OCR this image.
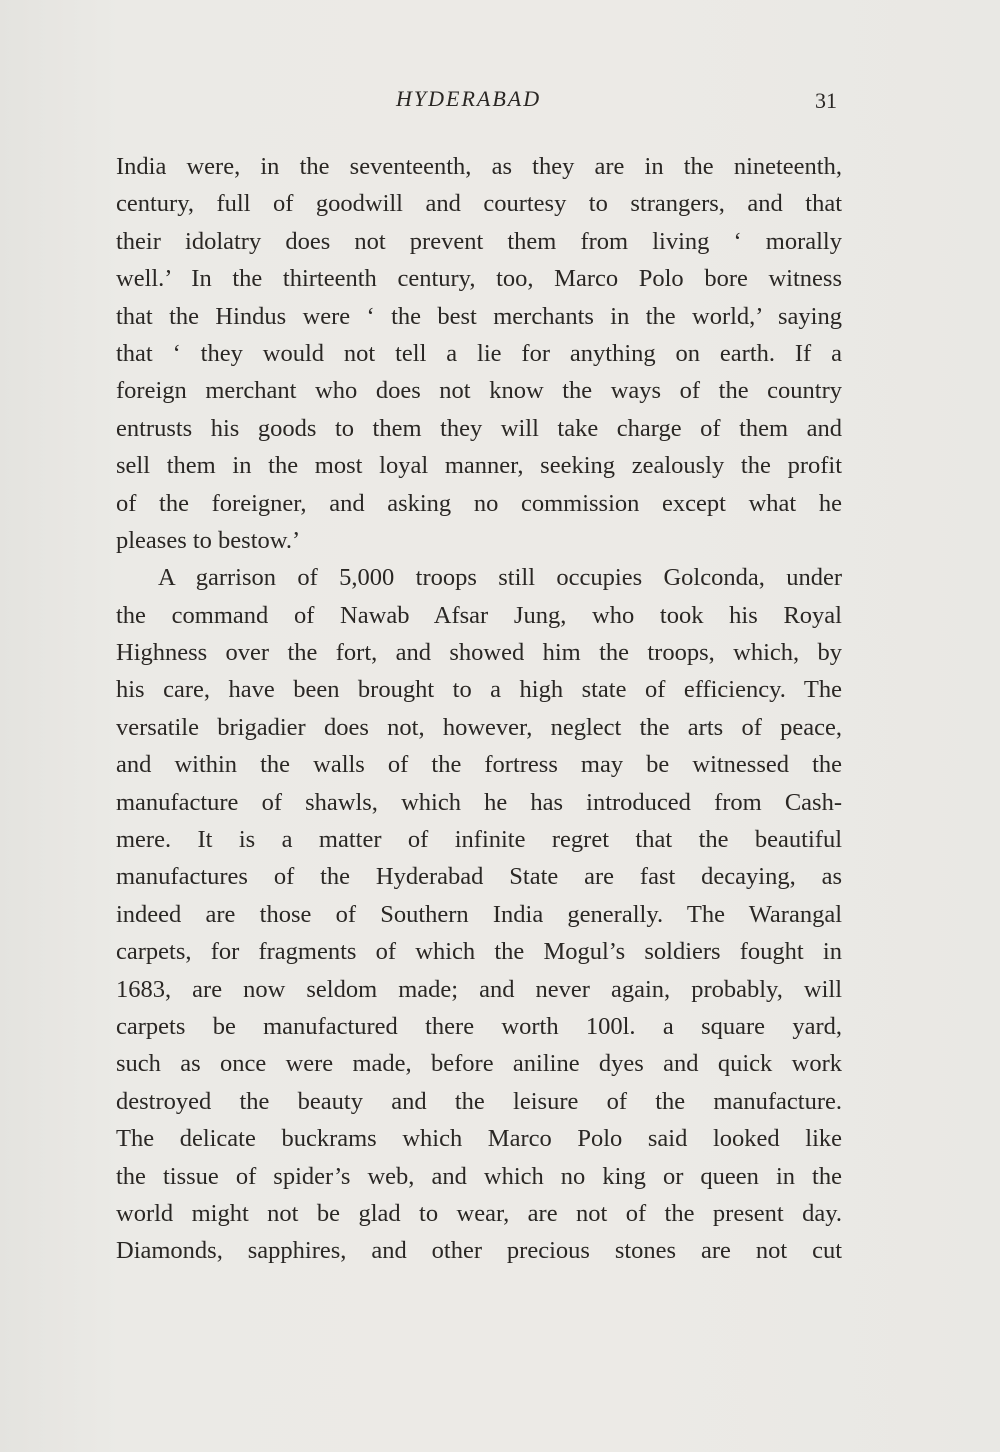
HYDERABAD	31
India were, in the seventeenth, as they are in the nineteenth,
century, full of goodwill and courtesy to strangers, and that
their idolatry does not prevent them from living ‘ morally
well.’ In the thirteenth century, too, Marco Polo bore witness
that the Hindus were ‘ the best merchants in the world,’ saying
that ‘ they would not tell a lie for anything on earth. If a
foreign merchant who does not know the ways of the country
entrusts his goods to them they will take charge of them and
sell them in the most loyal manner, seeking zealously the profit
of the foreigner, and asking no commission except what he
pleases to bestow.’
A garrison of 5,000 troops still occupies Golconda, under
the command of Nawab Afsar Jung, who took his Royal
Highness over the fort, and showed him the troops, which, by
his care, have been brought to a high state of efficiency. The
versatile brigadier does not, however, neglect the arts of peace,
and within the walls of the fortress may be witnessed the
manufacture of shawls, which he has introduced from Cash-
mere. It is a matter of infinite regret that the beautiful
manufactures of the Hyderabad State are fast decaying, as
indeed are those of Southern India generally. The Warangal
carpets, for fragments of which the Mogul’s soldiers fought in
1683, are now seldom made; and never again, probably, will
carpets be manufactured there worth 100l. a square yard,
such as once were made, before aniline dyes and quick work
destroyed the beauty and the leisure of the manufacture.
The delicate buckrams which Marco Polo said looked like
the tissue of spider’s web, and which no king or queen in the
world might not be glad to wear, are not of the present day.
Diamonds, sapphires, and other precious stones are not cut
